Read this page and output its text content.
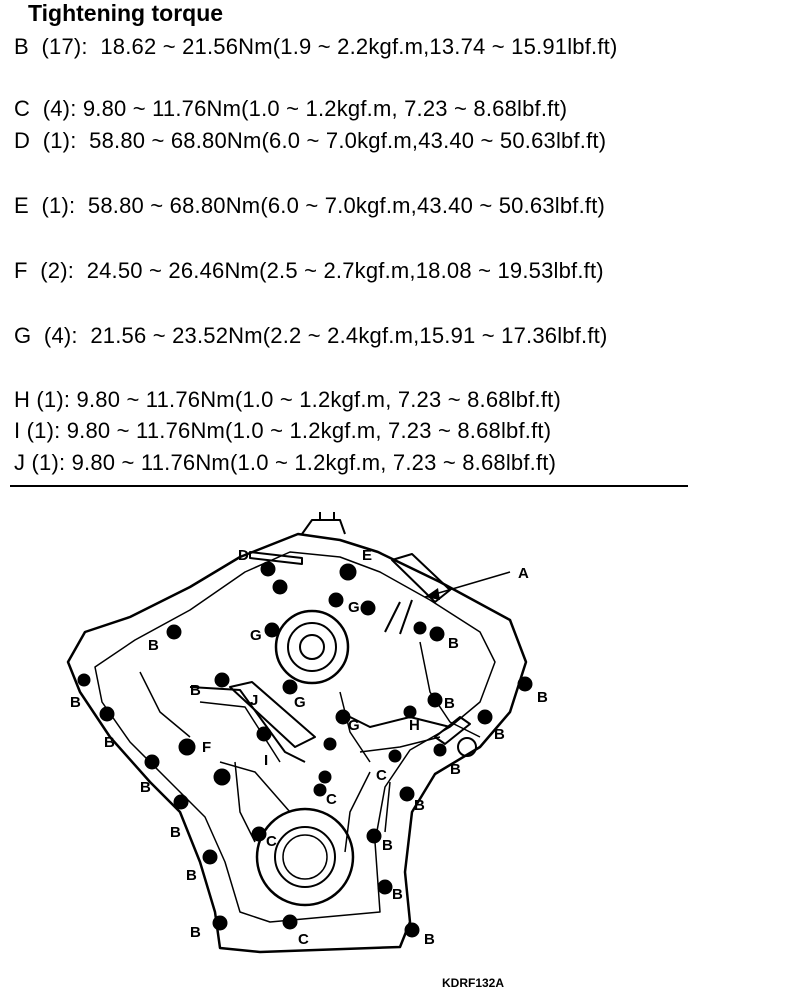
Tightening torque
B  (17):  18.62 ~ 21.56Nm(1.9 ~ 2.2kgf.m,13.74 ~ 15.91lbf.ft)
C  (4): 9.80 ~ 11.76Nm(1.0 ~ 1.2kgf.m, 7.23 ~ 8.68lbf.ft)
D  (1):  58.80 ~ 68.80Nm(6.0 ~ 7.0kgf.m,43.40 ~ 50.63lbf.ft)
E  (1):  58.80 ~ 68.80Nm(6.0 ~ 7.0kgf.m,43.40 ~ 50.63lbf.ft)
F  (2):  24.50 ~ 26.46Nm(2.5 ~ 2.7kgf.m,18.08 ~ 19.53lbf.ft)
G  (4):  21.56 ~ 23.52Nm(2.2 ~ 2.4kgf.m,15.91 ~ 17.36lbf.ft)
H (1): 9.80 ~ 11.76Nm(1.0 ~ 1.2kgf.m, 7.23 ~ 8.68lbf.ft)
I (1): 9.80 ~ 11.76Nm(1.0 ~ 1.2kgf.m, 7.23 ~ 8.68lbf.ft)
J (1): 9.80 ~ 11.76Nm(1.0 ~ 1.2kgf.m, 7.23 ~ 8.68lbf.ft)
D	E
A
G
G
G
G
B	B
B
B
B
B
B
B
B
B	B
B
B
B
B
B
B
F
J
I
H
C
C
C
C
KDRF132A
